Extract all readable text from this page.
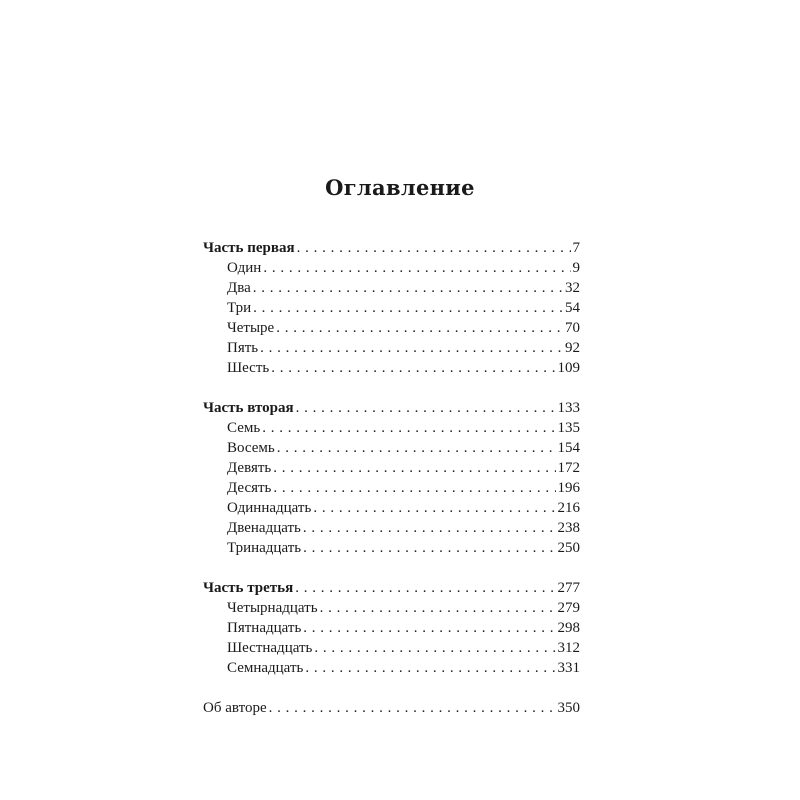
Оглавление
Часть первая . . .	7
Один . . .	9
Два . . .	32
Три . . .	54
Четыре . . .	70
Пять . . .	92
Шесть . . .	109
Часть вторая . . .	133
Семь . . .	135
Восемь . . .	154
Девять . . .	172
Десять . . .	196
Одиннадцать . . .	216
Двенадцать . . .	238
Тринадцать . . .	250
Часть третья . . .	277
Четырнадцать . . .	279
Пятнадцать . . .	298
Шестнадцать . . .	312
Семнадцать . . .	331
Об авторе . . .	350
